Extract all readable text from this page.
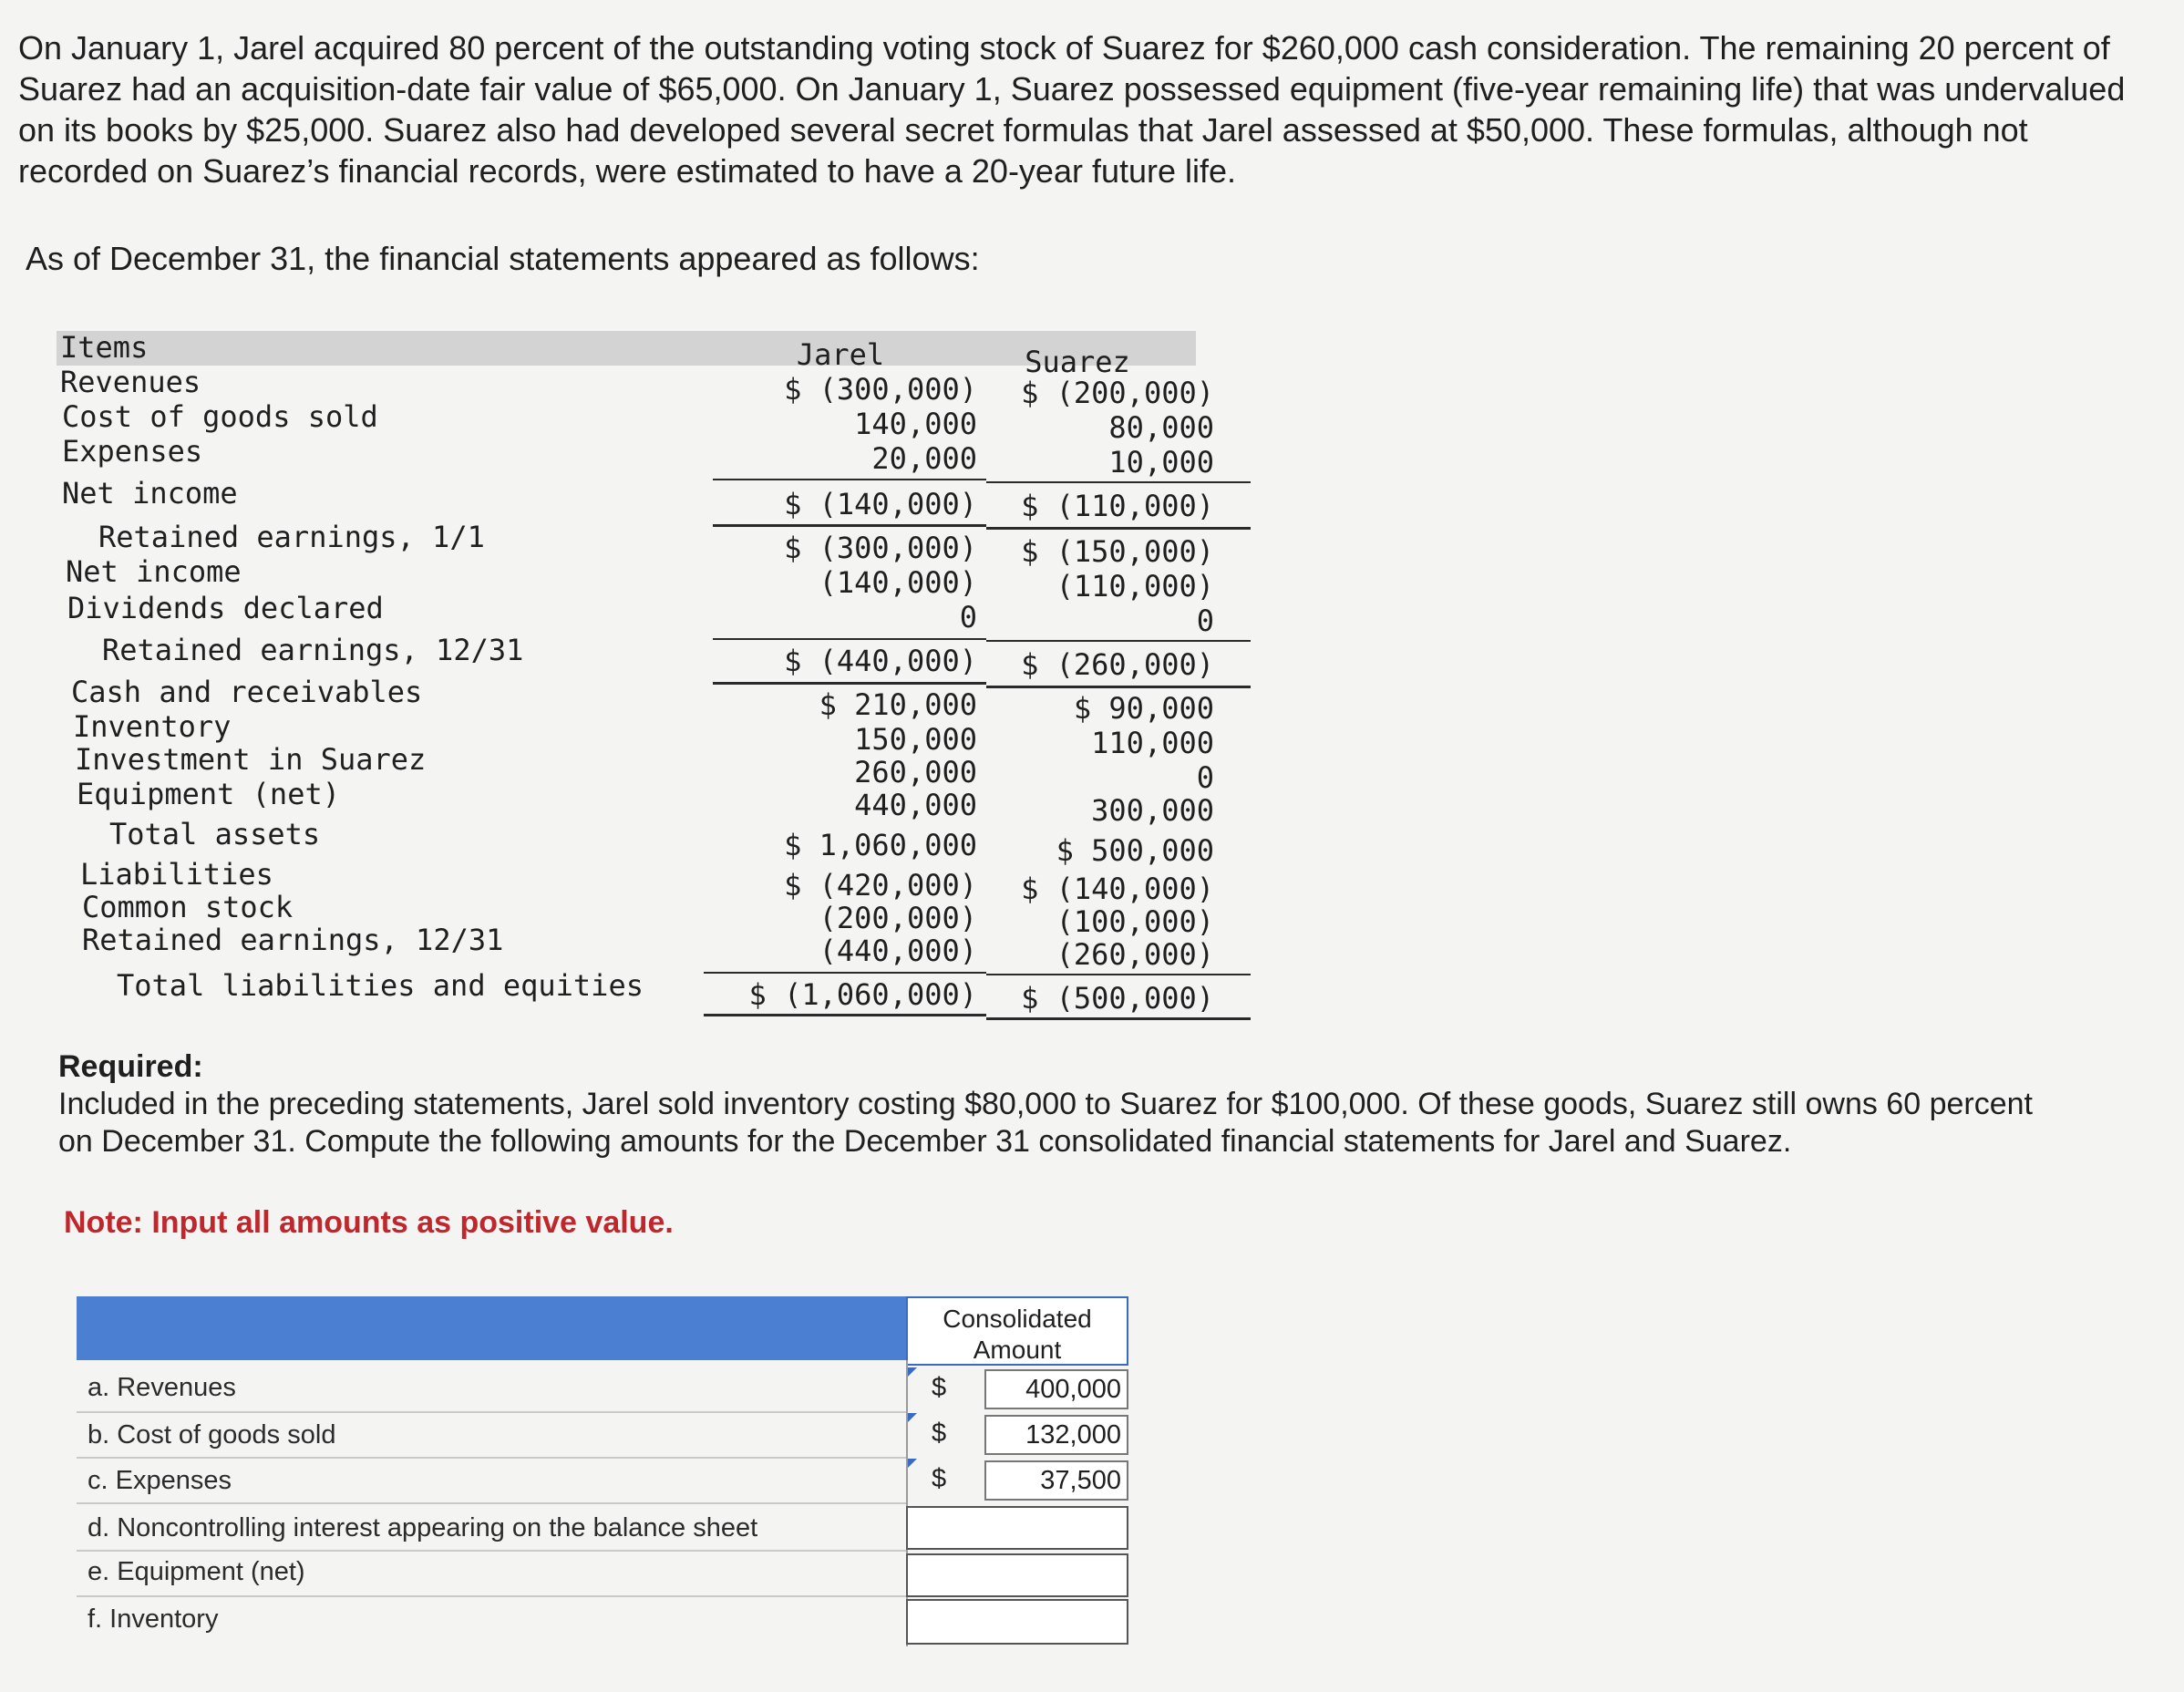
On January 1, Jarel acquired 80 percent of the outstanding voting stock of Suarez for $260,000 cash consideration. The remaining 20 percent of Suarez had an acquisition-date fair value of $65,000. On January 1, Suarez possessed equipment (five-year remaining life) that was undervalued on its books by $25,000. Suarez also had developed several secret formulas that Jarel assessed at $50,000. These formulas, although not recorded on Suarez’s financial records, were estimated to have a 20-year future life.

As of December 31, the financial statements appeared as follows:

Items	Jarel	Suarez
Revenues	$ (300,000)	$ (200,000)
Cost of goods sold	140,000	80,000
Expenses	20,000	10,000
Net income	$ (140,000)	$ (110,000)
Retained earnings, 1/1	$ (300,000)	$ (150,000)
Net income	(140,000)	(110,000)
Dividends declared	0	0
Retained earnings, 12/31	$ (440,000)	$ (260,000)
Cash and receivables	$ 210,000	$ 90,000
Inventory	150,000	110,000
Investment in Suarez	260,000	0
Equipment (net)	440,000	300,000
Total assets	$ 1,060,000	$ 500,000
Liabilities	$ (420,000)	$ (140,000)
Common stock	(200,000)	(100,000)
Retained earnings, 12/31	(440,000)	(260,000)
Total liabilities and equities	$ (1,060,000)	$ (500,000)

Required:
Included in the preceding statements, Jarel sold inventory costing $80,000 to Suarez for $100,000. Of these goods, Suarez still owns 60 percent on December 31. Compute the following amounts for the December 31 consolidated financial statements for Jarel and Suarez.

Note: Input all amounts as positive value.

Consolidated
Amount
a. Revenues	$	400,000
b. Cost of goods sold	$	132,000
c. Expenses	$	37,500
d. Noncontrolling interest appearing on the balance sheet
e. Equipment (net)
f. Inventory
